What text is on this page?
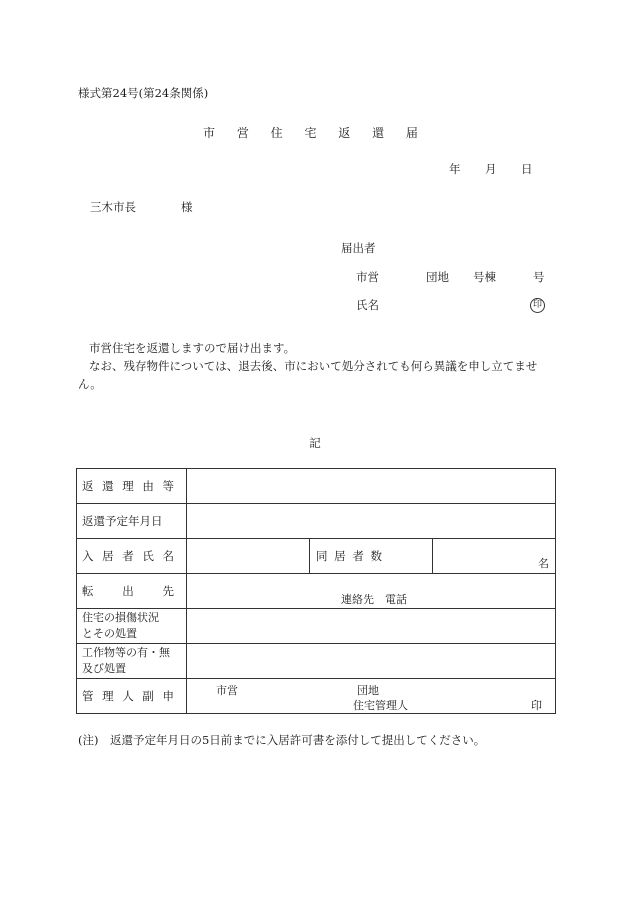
様式第24号(第24条関係)
市 営 住 宅 返 還 届
年 月 日
三木市長	様
届出者
市営	団地 号棟	号
氏名	印

市営住宅を返還しますので届け出ます。

なお、残存物件については、退去後、市において処分されても何ら異議を申し立てません。

記
返 還 理 由 等			

返還予定年月日			

入 居 者 氏 名		同 居 者 数	名

転 出 先	連絡先　電話		

住宅の損傷状況
とその処置			

工作物等の有・無
及び処置			

管 理 人 副 申	市営 団地
住宅管理人 印		
(注)　返還予定年月日の5日前までに入居許可書を添付して提出してください。
